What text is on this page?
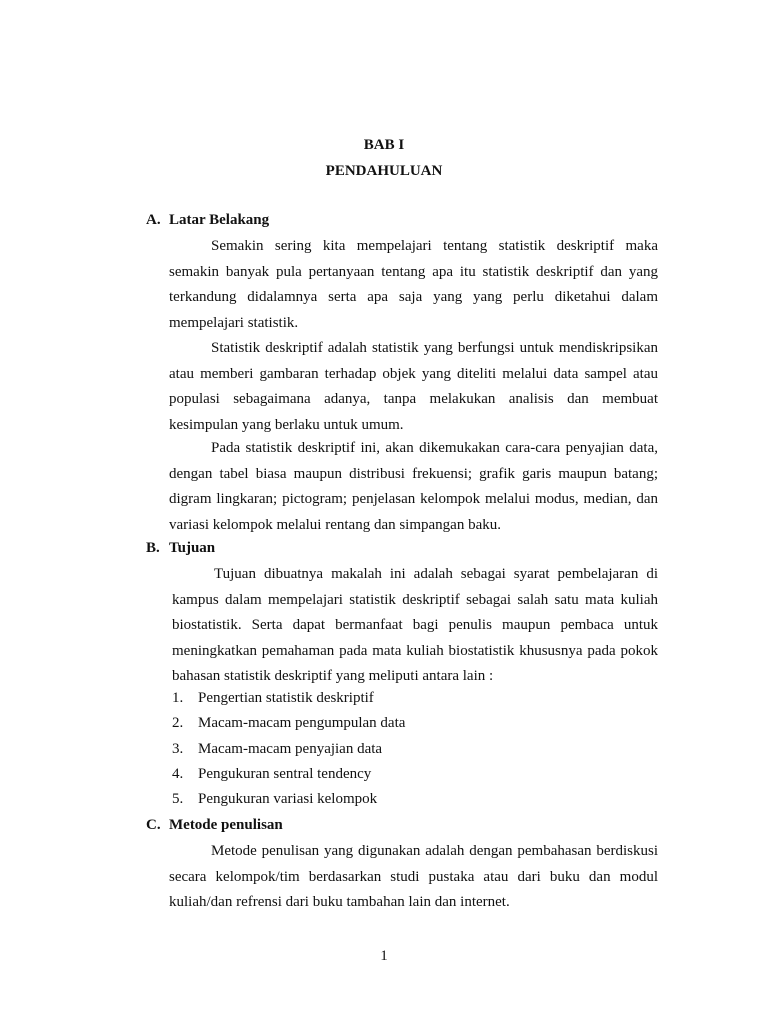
BAB I
PENDAHULUAN
A. Latar Belakang

Semakin sering kita mempelajari tentang statistik deskriptif maka semakin banyak pula pertanyaan tentang apa itu statistik deskriptif dan yang terkandung didalamnya serta apa saja yang yang perlu diketahui dalam mempelajari statistik.

Statistik deskriptif adalah statistik yang berfungsi untuk mendiskripsikan atau memberi gambaran terhadap objek yang diteliti melalui data sampel atau populasi sebagaimana adanya, tanpa melakukan analisis dan membuat kesimpulan yang berlaku untuk umum.

Pada statistik deskriptif ini, akan dikemukakan cara-cara penyajian data, dengan tabel biasa maupun distribusi frekuensi; grafik garis maupun batang; digram lingkaran; pictogram; penjelasan kelompok melalui modus, median, dan variasi kelompok melalui rentang dan simpangan baku.

B. Tujuan

Tujuan dibuatnya makalah ini adalah sebagai syarat pembelajaran di kampus dalam mempelajari statistik deskriptif sebagai salah satu mata kuliah biostatistik. Serta dapat bermanfaat bagi penulis maupun pembaca untuk meningkatkan pemahaman pada mata kuliah biostatistik khususnya pada pokok bahasan statistik deskriptif yang meliputi antara lain :

1. Pengertian statistik deskriptif
2. Macam-macam pengumpulan data
3. Macam-macam penyajian data
4. Pengukuran sentral tendency
5. Pengukuran variasi kelompok
C. Metode penulisan

Metode penulisan yang digunakan adalah dengan pembahasan berdiskusi secara kelompok/tim berdasarkan studi pustaka atau dari buku dan modul kuliah/dan refrensi dari buku tambahan lain dan internet.

1
